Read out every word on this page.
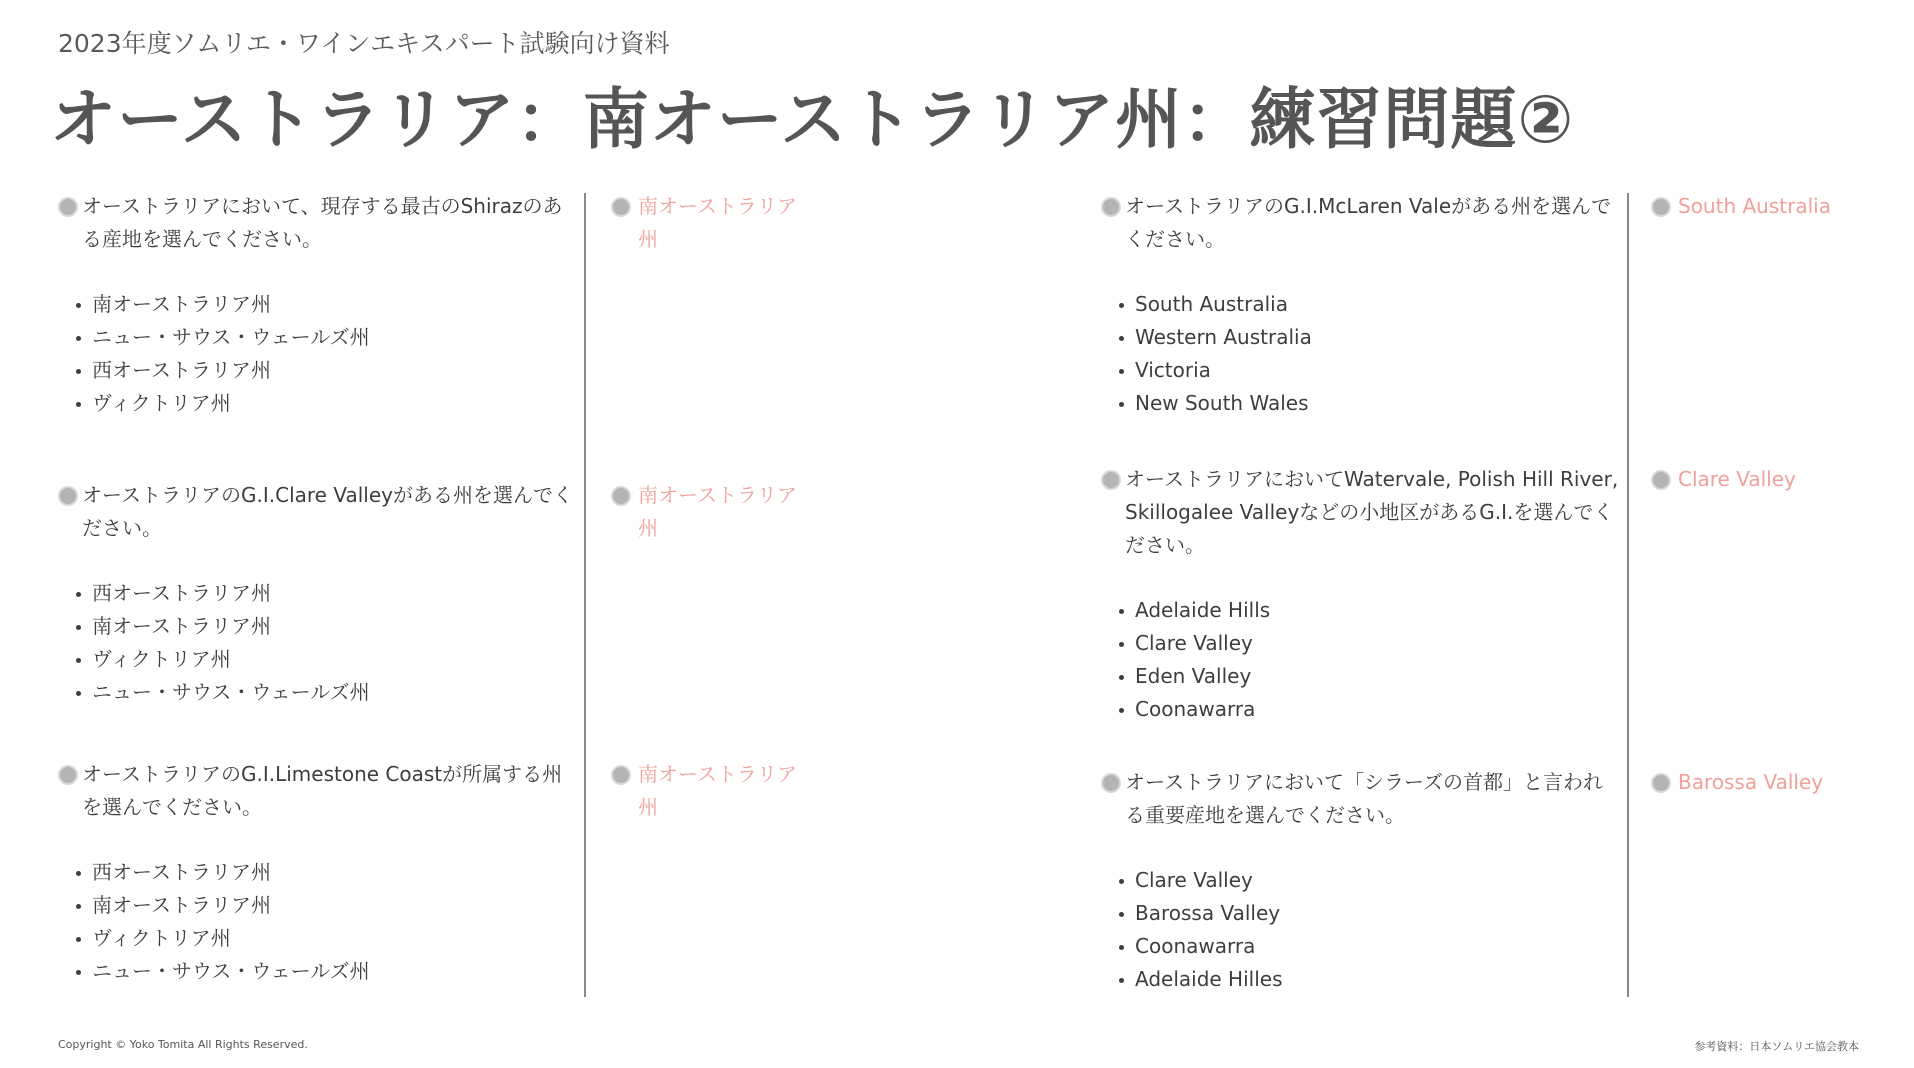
2023年度ソムリエ・ワインエキスパート試験向け資料
オーストラリア：南オーストラリア州：練習問題②
オーストラリアにおいて、現存する最古のShirazのある産地を選んでください。
南オーストラリア州
ニュー・サウス・ウェールズ州
西オーストラリア州
ヴィクトリア州
南オーストラリア州
オーストラリアのG.I.Clare Valleyがある州を選んでください。
西オーストラリア州
南オーストラリア州
ヴィクトリア州
ニュー・サウス・ウェールズ州
南オーストラリア州
オーストラリアのG.I.Limestone Coastが所属する州を選んでください。
西オーストラリア州
南オーストラリア州
ヴィクトリア州
ニュー・サウス・ウェールズ州
南オーストラリア州
オーストラリアのG.I.McLaren Valeがある州を選んでください。
South Australia
Western Australia
Victoria
New South Wales
South Australia
オーストラリアにおいてWatervale, Polish Hill River, Skillogalee Valleyなどの小地区があるG.I.を選んでください。
Adelaide Hills
Clare Valley
Eden Valley
Coonawarra
Clare Valley
オーストラリアにおいて「シラーズの首都」と言われる重要産地を選んでください。
Clare Valley
Barossa Valley
Coonawarra
Adelaide Hilles
Barossa Valley
Copyright © Yoko Tomita All Rights Reserved.	参考資料：日本ソムリエ協会教本
